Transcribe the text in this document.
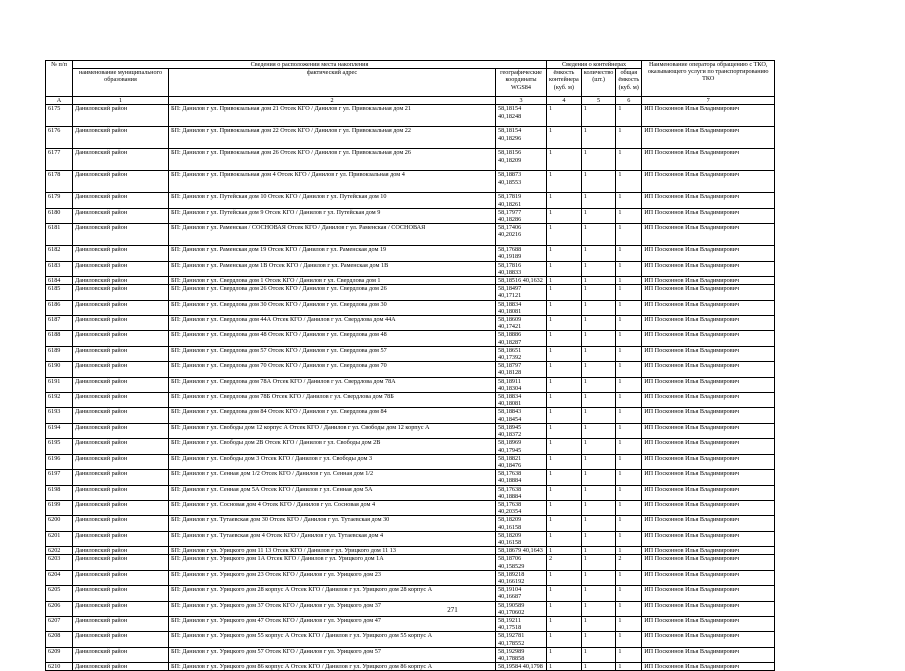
№ п/п	Сведения о расположении места накопления			Сведения о контейнерах			Наименование оператора обращению с ТКО, оказывающего услуги по транспортированию ТКО
	наименование муниципального образования	фактический адрес	географические координаты WGS84	ёмкость контейнера (куб. м)	количество (шт.)	общая ёмкость (куб. м)	
А	1	2	3	4	5	6	7
6175	Даниловский район	БП: Данилов г ул. Привокзальная дом 21 Отсек КГО / Данилов г ул. Привокзальная дом 21	58,18154 40,18248	1	1	1	ИП Посконнов Илья Владимирович
6176	Даниловский район	БП: Данилов г ул. Привокзальная дом 22 Отсек КГО / Данилов г ул. Привокзальная дом 22	58,18154 40,18296	1	1	1	ИП Посконнов Илья Владимирович
6177	Даниловский район	БП: Данилов г ул. Привокзальная дом 26 Отсек КГО / Данилов г ул. Привокзальная дом 26	58,18156 40,18209	1	1	1	ИП Посконнов Илья Владимирович
6178	Даниловский район	БП: Данилов г ул. Привокзальная дом 4 Отсек КГО / Данилов г ул. Привокзальная дом 4	58,18873 40,18553	1	1	1	ИП Посконнов Илья Владимирович
6179	Даниловский район	БП: Данилов г ул. Путейская дом 10 Отсек КГО / Данилов г ул. Путейская дом 10	58,17819 40,18261	1	1	1	ИП Посконнов Илья Владимирович
6180	Даниловский район	БП: Данилов г ул. Путейская дом 9 Отсек КГО / Данилов г ул. Путейская дом 9	58,17977 40,18286	1	1	1	ИП Посконнов Илья Владимирович
6181	Даниловский район	БП: Данилов г ул. Раменская / СОСНОВАЯ Отсек КГО / Данилов г ул. Раменская / СОСНОВАЯ	58,17406 40,20216	1	1	1	ИП Посконнов Илья Владимирович
6182	Даниловский район	БП: Данилов г ул. Раменская дом 19 Отсек КГО / Данилов г ул. Раменская дом 19	58,17688 40,19189	1	1	1	ИП Посконнов Илья Владимирович
6183	Даниловский район	БП: Данилов г ул. Раменская дом 1В Отсек КГО / Данилов г ул. Раменская дом 1В	58,17816 40,18833	1	1	1	ИП Посконнов Илья Владимирович
6184	Даниловский район	БП: Данилов г ул. Свердлова дом 1 Отсек КГО / Данилов г ул. Свердлова дом 1	58,18516 40,1632	1	1	1	ИП Посконнов Илья Владимирович
6185	Даниловский район	БП: Данилов г ул. Свердлова дом 26 Отсек КГО / Данилов г ул. Свердлова дом 26	58,18497 40,17121	1	1	1	ИП Посконнов Илья Владимирович
6186	Даниловский район	БП: Данилов г ул. Свердлова дом 30 Отсек КГО / Данилов г ул. Свердлова дом 30	58,18834 40,18081	1	1	1	ИП Посконнов Илья Владимирович
6187	Даниловский район	БП: Данилов г ул. Свердлова дом 44А Отсек КГО / Данилов г ул. Свердлова дом 44А	58,18609 40,17421	1	1	1	ИП Посконнов Илья Владимирович
6188	Даниловский район	БП: Данилов г ул. Свердлова дом 48 Отсек КГО / Данилов г ул. Свердлова дом 48	58,18886 40,18287	1	1	1	ИП Посконнов Илья Владимирович
6189	Даниловский район	БП: Данилов г ул. Свердлова дом 57 Отсек КГО / Данилов г ул. Свердлова дом 57	58,18651 40,17392	1	1	1	ИП Посконнов Илья Владимирович
6190	Даниловский район	БП: Данилов г ул. Свердлова дом 70 Отсек КГО / Данилов г ул. Свердлова дом 70	58,18797 40,18128	1	1	1	ИП Посконнов Илья Владимирович
6191	Даниловский район	БП: Данилов г ул. Свердлова дом 78А Отсек КГО / Данилов г ул. Свердлова дом 78А	58,18911 40,18304	1	1	1	ИП Посконнов Илья Владимирович
6192	Даниловский район	БП: Данилов г ул. Свердлова дом 78Б Отсек КГО / Данилов г ул. Свердлова дом 78Б	58,18834 40,18081	1	1	1	ИП Посконнов Илья Владимирович
6193	Даниловский район	БП: Данилов г ул. Свердлова дом 84 Отсек КГО / Данилов г ул. Свердлова дом 84	58,18843 40,18454	1	1	1	ИП Посконнов Илья Владимирович
6194	Даниловский район	БП: Данилов г ул. Свободы дом 12 корпус А Отсек КГО / Данилов г ул. Свободы дом 12 корпус А	58,18945 40,18372	1	1	1	ИП Посконнов Илья Владимирович
6195	Даниловский район	БП: Данилов г ул. Свободы дом 2В Отсек КГО / Данилов г ул. Свободы дом 2В	58,18969 40,17945	1	1	1	ИП Посконнов Илья Владимирович
6196	Даниловский район	БП: Данилов г ул. Свободы дом 3 Отсек КГО / Данилов г ул. Свободы дом 3	58,18821 40,18476	1	1	1	ИП Посконнов Илья Владимирович
6197	Даниловский район	БП: Данилов г ул. Сенная дом 1/2 Отсек КГО / Данилов г ул. Сенная дом 1/2	58,17638 40,18884	1	1	1	ИП Посконнов Илья Владимирович
6198	Даниловский район	БП: Данилов г ул. Сенная дом 5А Отсек КГО / Данилов г ул. Сенная дом 5А	58,17638 40,18884	1	1	1	ИП Посконнов Илья Владимирович
6199	Даниловский район	БП: Данилов г ул. Сосновая дом 4 Отсек КГО / Данилов г ул. Сосновая дом 4	58,17638 40,20354	1	1	1	ИП Посконнов Илья Владимирович
6200	Даниловский район	БП: Данилов г ул. Тутаевская дом 30 Отсек КГО / Данилов г ул. Тутаевская дом 30	58,18209 40,16158	1	1	1	ИП Посконнов Илья Владимирович
6201	Даниловский район	БП: Данилов г ул. Тутаевская дом 4 Отсек КГО / Данилов г ул. Тутаевская дом 4	58,18209 40,16158	1	1	1	ИП Посконнов Илья Владимирович
6202	Даниловский район	БП: Данилов г ул. Урицкого дом 11 13 Отсек КГО / Данилов г ул. Урицкого дом 11 13	58,18679 40,1643	1	1	1	ИП Посконнов Илья Владимирович
6203	Даниловский район	БП: Данилов г ул. Урицкого дом 1А Отсек КГО / Данилов г ул. Урицкого дом 1А	58,18706 40,158529	2	1	2	ИП Посконнов Илья Владимирович
6204	Даниловский район	БП: Данилов г ул. Урицкого дом 23 Отсек КГО / Данилов г ул. Урицкого дом 23	58,189218 40,166192	1	1	1	ИП Посконнов Илья Владимирович
6205	Даниловский район	БП: Данилов г ул. Урицкого дом 28 корпус А Отсек КГО / Данилов г ул. Урицкого дом 28 корпус А	58,19104 40,16687	1	1	1	ИП Посконнов Илья Владимирович
6206	Даниловский район	БП: Данилов г ул. Урицкого дом 37 Отсек КГО / Данилов г ул. Урицкого дом 37	58,190589 40,170602	1	1	1	ИП Посконнов Илья Владимирович
6207	Даниловский район	БП: Данилов г ул. Урицкого дом 47 Отсек КГО / Данилов г ул. Урицкого дом 47	58,19211 40,17518	1	1	1	ИП Посконнов Илья Владимирович
6208	Даниловский район	БП: Данилов г ул. Урицкого дом 55 корпус А Отсек КГО / Данилов г ул. Урицкого дом 55 корпус А	58,192781 40,178552	1	1	1	ИП Посконнов Илья Владимирович
6209	Даниловский район	БП: Данилов г ул. Урицкого дом 57 Отсек КГО / Данилов г ул. Урицкого дом 57	58,192989 40,178858	1	1	1	ИП Посконнов Илья Владимирович
6210	Даниловский район	БП: Данилов г ул. Урицкого дом 86 корпус А Отсек КГО / Данилов г ул. Урицкого дом 86 корпус А	58,19584 40,1798	1	1	1	ИП Посконнов Илья Владимирович
271
